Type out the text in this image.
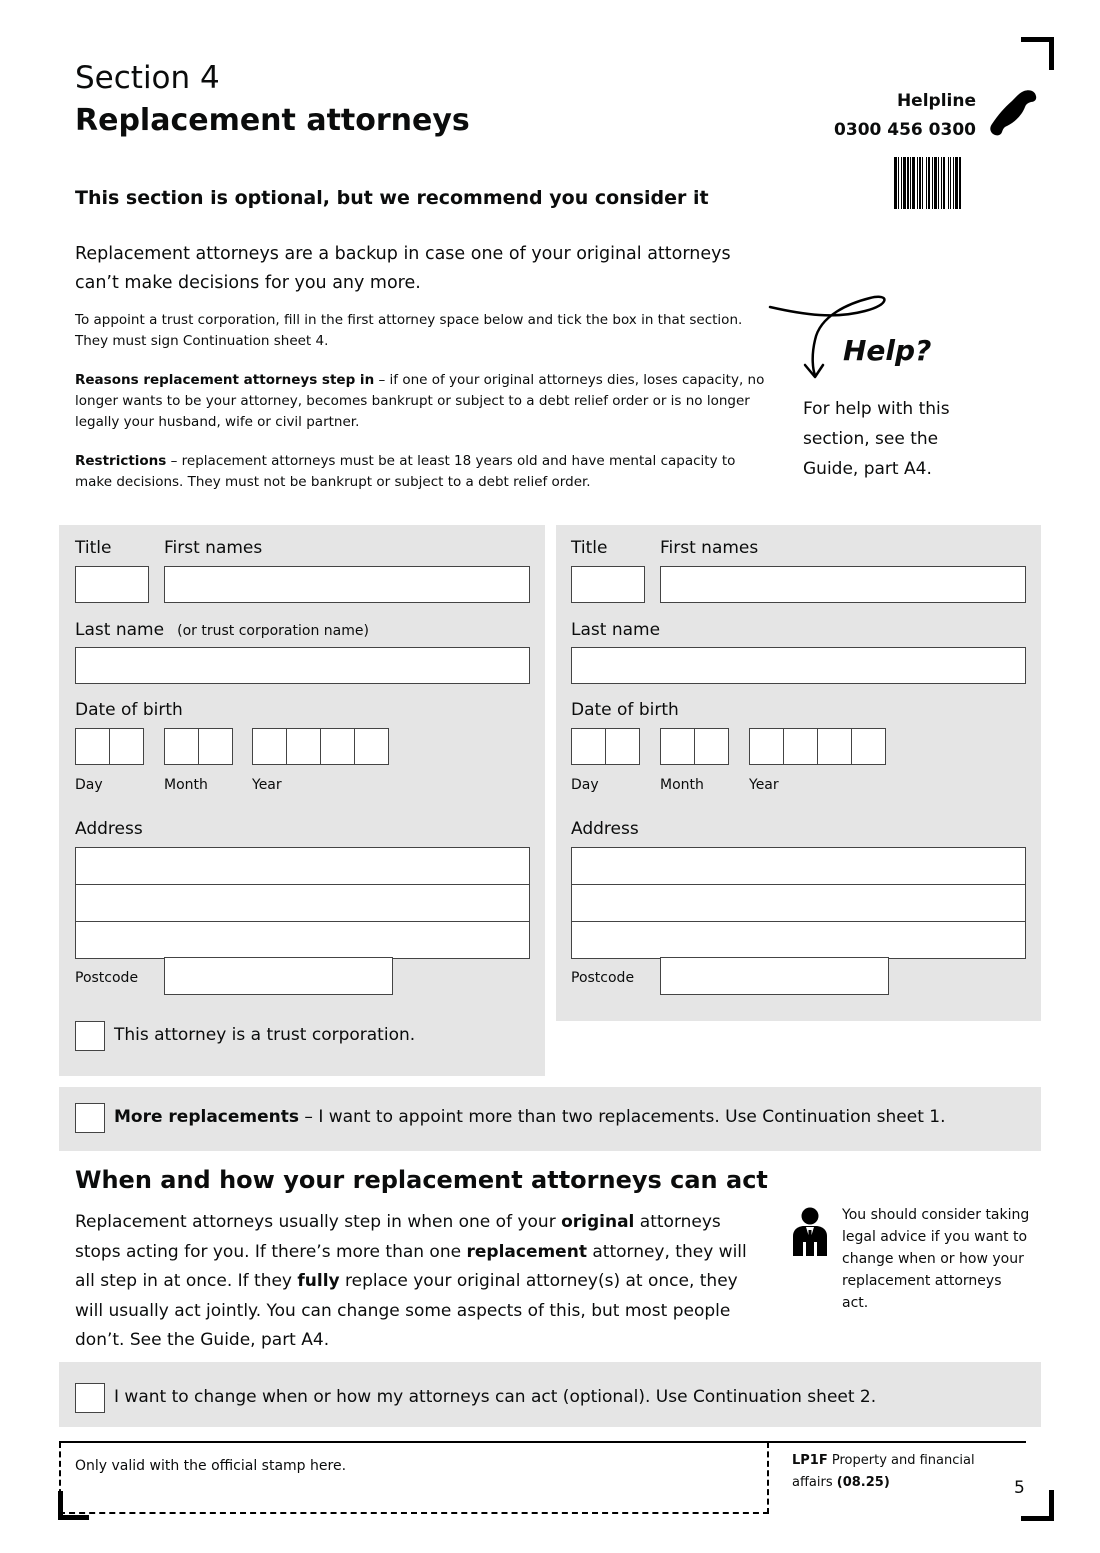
Section 4
Replacement attorneys
Helpline
0300 456 0300
This section is optional, but we recommend you consider it
Replacement attorneys are a backup in case one of your original attorneys can’t make decisions for you any more.
To appoint a trust corporation, fill in the first attorney space below and tick the box in that section. They must sign Continuation sheet 4.
Reasons replacement attorneys step in – if one of your original attorneys dies, loses capacity, no longer wants to be your attorney, becomes bankrupt or subject to a debt relief order or is no longer legally your husband, wife or civil partner.
Restrictions – replacement attorneys must be at least 18 years old and have mental capacity to make decisions. They must not be bankrupt or subject to a debt relief order.
Help?
For help with this section, see the Guide, part A4.
Title	First names
Last name (or trust corporation name)
Date of birth
Day	Month	Year
Address
Postcode
This attorney is a trust corporation.
Title	First names
Last name
Date of birth
Day	Month	Year
Address
Postcode
More replacements – I want to appoint more than two replacements. Use Continuation sheet 1.
When and how your replacement attorneys can act
Replacement attorneys usually step in when one of your original attorneys stops acting for you. If there’s more than one replacement attorney, they will all step in at once. If they fully replace your original attorney(s) at once, they will usually act jointly. You can change some aspects of this, but most people don’t. See the Guide, part A4.
You should consider taking legal advice if you want to change when or how your replacement attorneys act.
I want to change when or how my attorneys can act (optional). Use Continuation sheet 2.
Only valid with the official stamp here.	LP1F Property and financial affairs (08.25)	5
